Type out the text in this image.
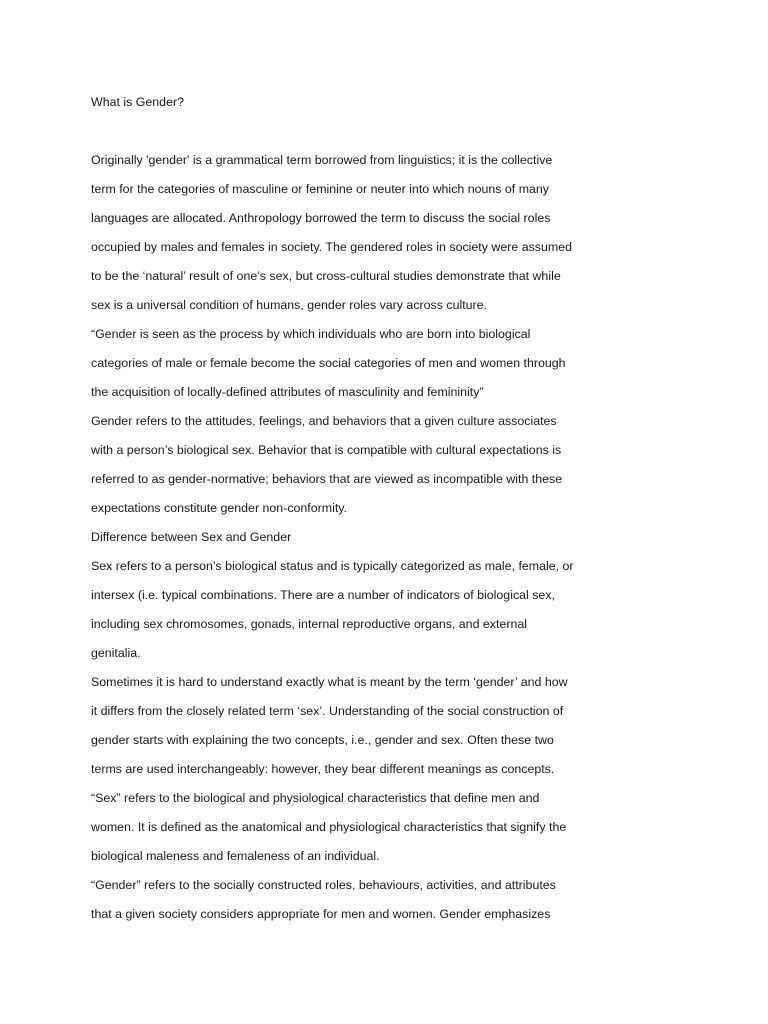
What is Gender?

Originally 'gender' is a grammatical term borrowed from linguistics; it is the collective

term for the categories of masculine or feminine or neuter into which nouns of many

languages are allocated. Anthropology borrowed the term to discuss the social roles

occupied by males and females in society. The gendered roles in society were assumed

to be the ‘natural’ result of one’s sex, but cross-cultural studies demonstrate that while

sex is a universal condition of humans, gender roles vary across culture.

“Gender is seen as the process by which individuals who are born into biological

categories of male or female become the social categories of men and women through

the acquisition of locally-defined attributes of masculinity and femininity”

Gender refers to the attitudes, feelings, and behaviors that a given culture associates

with a person’s biological sex. Behavior that is compatible with cultural expectations is

referred to as gender-normative; behaviors that are viewed as incompatible with these

expectations constitute gender non-conformity.

Difference between Sex and Gender

Sex refers to a person’s biological status and is typically categorized as male, female, or

intersex (i.e. typical combinations. There are a number of indicators of biological sex,

including sex chromosomes, gonads, internal reproductive organs, and external

genitalia.

Sometimes it is hard to understand exactly what is meant by the term ‘gender’ and how

it differs from the closely related term ‘sex’. Understanding of the social construction of

gender starts with explaining the two concepts, i.e., gender and sex. Often these two

terms are used interchangeably: however, they bear different meanings as concepts.

“Sex” refers to the biological and physiological characteristics that define men and

women. It is defined as the anatomical and physiological characteristics that signify the

biological maleness and femaleness of an individual.

“Gender” refers to the socially constructed roles, behaviours, activities, and attributes

that a given society considers appropriate for men and women. Gender emphasizes
